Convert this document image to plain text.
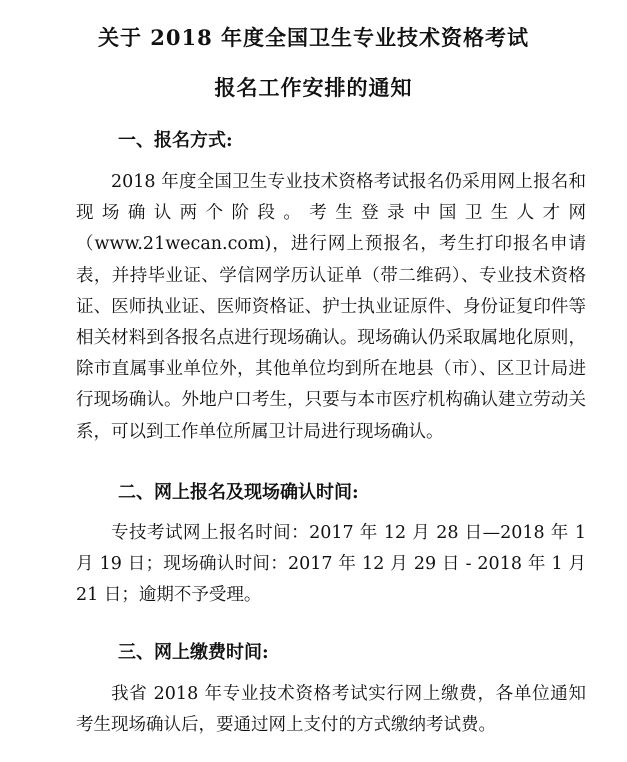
关于 2018 年度全国卫生专业技术资格考试
报名工作安排的通知
一、报名方式:
2018 年度全国卫生专业技术资格考试报名仍采用网上报名和现场确认两个阶段。考生登录中国卫生人才网（www.21wecan.com)，进行网上预报名，考生打印报名申请表，并持毕业证、学信网学历认证单（带二维码）、专业技术资格证、医师执业证、医师资格证、护士执业证原件、身份证复印件等相关材料到各报名点进行现场确认。现场确认仍采取属地化原则，除市直属事业单位外，其他单位均到所在地县（市）、区卫计局进行现场确认。外地户口考生，只要与本市医疗机构确认建立劳动关系，可以到工作单位所属卫计局进行现场确认。
二、网上报名及现场确认时间:
专技考试网上报名时间：2017 年 12 月 28 日—2018 年 1 月 19 日；现场确认时间：2017 年 12 月 29 日 - 2018 年 1 月 21 日；逾期不予受理。
三、网上缴费时间:
我省 2018 年专业技术资格考试实行网上缴费，各单位通知考生现场确认后，要通过网上支付的方式缴纳考试费。
